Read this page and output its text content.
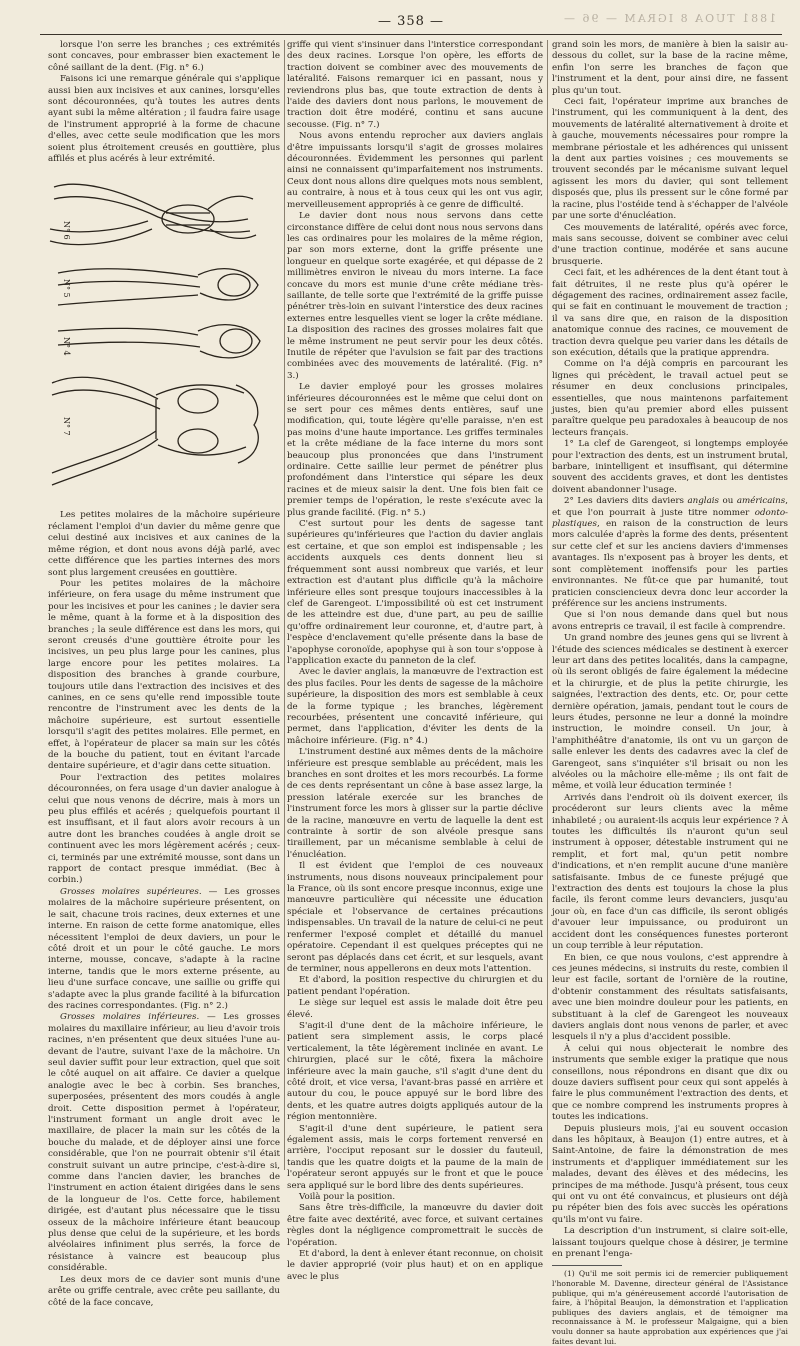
1881 TUOA 8 IGRAM — 96 —
— 358 —

lorsque l'on serre les branches ; ces extrémités sont concaves, pour embrasser bien exactement le côné saillant de la dent. (Fig. n° 6.)

Faisons ici une remarque générale qui s'applique aussi bien aux incisives et aux canines, lorsqu'elles sont découronnées, qu'à toutes les autres dents ayant subi la même altération ; il faudra faire usage de l'instrument approprié à la forme de chacune d'elles, avec cette seule modification que les mors soient plus étroitement creusés en gouttière, plus affilés et plus acérés à leur extrémité.

N° 6
N° 5
N° 4
N° 7

Les petites molaires de la mâchoire supérieure réclament l'emploi d'un davier du même genre que celui destiné aux incisives et aux canines de la même région, et dont nous avons déjà parlé, avec cette différence que les parties internes des mors sont plus largement creusées en gouttière.

Pour les petites molaires de la mâchoire inférieure, on fera usage du même instrument que pour les incisives et pour les canines ; le davier sera le même, quant à la forme et à la disposition des branches ; la seule différence est dans les mors, qui seront creusés d'une gouttière étroite pour les incisives, un peu plus large pour les canines, plus large encore pour les petites molaires. La disposition des branches à grande courbure, toujours utile dans l'extraction des incisives et des canines, en ce sens qu'elle rend impossible toute rencontre de l'instrument avec les dents de la mâchoire supérieure, est surtout essentielle lorsqu'il s'agit des petites molaires. Elle permet, en effet, à l'opérateur de placer sa main sur les côtés de la bouche du patient, tout en évitant l'arcade dentaire supérieure, et d'agir dans cette situation.

Pour l'extraction des petites molaires découronnées, on fera usage d'un davier analogue à celui que nous venons de décrire, mais à mors un peu plus effilés et acérés ; quelquefois pourtant il est insuffisant, et il faut alors avoir recours à un autre dont les branches coudées à angle droit se continuent avec les mors légèrement acérés ; ceux-ci, terminés par une extrémité mousse, sont dans un rapport de contact presque immédiat. (Bec à corbin.)

Grosses molaires supérieures. — Les grosses molaires de la mâchoire supérieure présentent, on le sait, chacune trois racines, deux externes et une interne. En raison de cette forme anatomique, elles nécessitent l'emploi de deux daviers, un pour le côté droit et un pour le côté gauche. Le mors interne, mousse, concave, s'adapte à la racine interne, tandis que le mors externe présente, au lieu d'une surface concave, une saillie ou griffe qui s'adapte avec la plus grande facilité à la bifurcation des racines correspondantes. (Fig. n° 2.)

Grosses molaires inférieures. — Les grosses molaires du maxillaire inférieur, au lieu d'avoir trois racines, n'en présentent que deux situées l'une au-devant de l'autre, suivant l'axe de la mâchoire. Un seul davier suffit pour leur extraction, quel que soit le côté auquel on ait affaire. Ce davier a quelque analogie avec le bec à corbin. Ses branches, superposées, présentent des mors coudés à angle droit. Cette disposition permet à l'opérateur, l'instrument formant un angle droit avec le maxillaire, de placer la main sur les côtés de la bouche du malade, et de déployer ainsi une force considérable, que l'on ne pourrait obtenir s'il était construit suivant un autre principe, c'est-à-dire si, comme dans l'ancien davier, les branches de l'instrument en action étaient dirigées dans le sens de la longueur de l'os. Cette force, habilement dirigée, est d'autant plus nécessaire que le tissu osseux de la mâchoire inférieure étant beaucoup plus dense que celui de la supérieure, et les bords alvéolaires infiniment plus serrés, la force de résistance à vaincre est beaucoup plus considérable.

Les deux mors de ce davier sont munis d'une arête ou griffe centrale, avec crête peu saillante, du côté de la face concave,

griffe qui vient s'insinuer dans l'interstice correspondant des deux racines. Lorsque l'on opère, les efforts de traction doivent se combiner avec des mouvements de latéralité. Faisons remarquer ici en passant, nous y reviendrons plus bas, que toute extraction de dents à l'aide des daviers dont nous parlons, le mouvement de traction doit être modéré, continu et sans aucune secousse. (Fig. n° 7.)

Nous avons entendu reprocher aux daviers anglais d'être impuissants lorsqu'il s'agit de grosses molaires découronnées. Évidemment les personnes qui parlent ainsi ne connaissent qu'imparfaitement nos instruments. Ceux dont nous allons dire quelques mots nous semblent, au contraire, à nous et à tous ceux qui les ont vus agir, merveilleusement appropriés à ce genre de difficulté.

Le davier dont nous nous servons dans cette circonstance diffère de celui dont nous nous servons dans les cas ordinaires pour les molaires de la même région, par son mors externe, dont la griffe présente une longueur en quelque sorte exagérée, et qui dépasse de 2 millimètres environ le niveau du mors interne. La face concave du mors est munie d'une crête médiane très-saillante, de telle sorte que l'extrémité de la griffe puisse pénétrer très-loin en suivant l'interstice des deux racines externes entre lesquelles vient se loger la crête médiane. La disposition des racines des grosses molaires fait que le même instrument ne peut servir pour les deux côtés. Inutile de répéter que l'avulsion se fait par des tractions combinées avec des mouvements de latéralité. (Fig. n° 3.)

Le davier employé pour les grosses molaires inférieures découronnées est le même que celui dont on se sert pour ces mêmes dents entières, sauf une modification, qui, toute légère qu'elle paraisse, n'en est pas moins d'une haute importance. Les griffes terminales et la crête médiane de la face interne du mors sont beaucoup plus prononcées que dans l'instrument ordinaire. Cette saillie leur permet de pénétrer plus profondément dans l'interstice qui sépare les deux racines et de mieux saisir la dent. Une fois bien fait ce premier temps de l'opération, le reste s'exécute avec la plus grande facilité. (Fig. n° 5.)

C'est surtout pour les dents de sagesse tant supérieures qu'inférieures que l'action du davier anglais est certaine, et que son emploi est indispensable ; les accidents auxquels ces dents donnent lieu si fréquemment sont aussi nombreux que variés, et leur extraction est d'autant plus difficile qu'à la mâchoire inférieure elles sont presque toujours inaccessibles à la clef de Garengeot. L'impossibilité où est cet instrument de les atteindre est due, d'une part, au peu de saillie qu'offre ordinairement leur couronne, et, d'autre part, à l'espèce d'enclavement qu'elle présente dans la base de l'apophyse coronoïde, apophyse qui à son tour s'oppose à l'application exacte du panneton de la clef.

Avec le davier anglais, la manœuvre de l'extraction est des plus faciles. Pour les dents de sagesse de la mâchoire supérieure, la disposition des mors est semblable à ceux de la forme typique ; les branches, légèrement recourbées, présentent une concavité inférieure, qui permet, dans l'application, d'éviter les dents de la mâchoire inférieure. (Fig. n° 4.)

L'instrument destiné aux mêmes dents de la mâchoire inférieure est presque semblable au précédent, mais les branches en sont droites et les mors recourbés. La forme de ces dents représentant un cône à base assez large, la pression latérale exercée sur les branches de l'instrument force les mors à glisser sur la partie déclive de la racine, manœuvre en vertu de laquelle la dent est contrainte à sortir de son alvéole presque sans tiraillement, par un mécanisme semblable à celui de l'énucléation.

Il est évident que l'emploi de ces nouveaux instruments, nous disons nouveaux principalement pour la France, où ils sont encore presque inconnus, exige une manœuvre particulière qui nécessite une éducation spéciale et l'observance de certaines précautions indispensables. Un travail de la nature de celui-ci ne peut renfermer l'exposé complet et détaillé du manuel opératoire. Cependant il est quelques préceptes qui ne seront pas déplacés dans cet écrit, et sur lesquels, avant de terminer, nous appellerons en deux mots l'attention.

Et d'abord, la position respective du chirurgien et du patient pendant l'opération.

Le siège sur lequel est assis le malade doit être peu élevé.

S'agit-il d'une dent de la mâchoire inférieure, le patient sera simplement assis, le corps placé verticalement, la tête légèrement inclinée en avant. Le chirurgien, placé sur le côté, fixera la mâchoire inférieure avec la main gauche, s'il s'agit d'une dent du côté droit, et vice versa, l'avant-bras passé en arrière et autour du cou, le pouce appuyé sur le bord libre des dents, et les quatre autres doigts appliqués autour de la région mentonnière.

S'agit-il d'une dent supérieure, le patient sera également assis, mais le corps fortement renversé en arrière, l'occiput reposant sur le dossier du fauteuil, tandis que les quatre doigts et la paume de la main de l'opérateur seront appuyés sur le front et que le pouce sera appliqué sur le bord libre des dents supérieures.

Voilà pour la position.

Sans être très-difficile, la manœuvre du davier doit être faite avec dextérité, avec force, et suivant certaines règles dont la négligence compromettrait le succès de l'opération.

Et d'abord, la dent à enlever étant reconnue, on choisit le davier approprié (voir plus haut) et on en applique avec le plus

grand soin les mors, de manière à bien la saisir au-dessous du collet, sur la base de la racine même, enfin l'on serre les branches de façon que l'instrument et la dent, pour ainsi dire, ne fassent plus qu'un tout.

Ceci fait, l'opérateur imprime aux branches de l'instrument, qui les communiquent à la dent, des mouvements de latéralité alternativement à droite et à gauche, mouvements nécessaires pour rompre la membrane périostale et les adhérences qui unissent la dent aux parties voisines ; ces mouvements se trouvent secondés par le mécanisme suivant lequel agissent les mors du davier, qui sont tellement disposés que, plus ils pressent sur le cône formé par la racine, plus l'ostéide tend à s'échapper de l'alvéole par une sorte d'énucléation.

Ces mouvements de latéralité, opérés avec force, mais sans secousse, doivent se combiner avec celui d'une traction continue, modérée et sans aucune brusquerie.

Ceci fait, et les adhérences de la dent étant tout à fait détruites, il ne reste plus qu'à opérer le dégagement des racines, ordinairement assez facile, qui se fait en continuant le mouvement de traction ; il va sans dire que, en raison de la disposition anatomique connue des racines, ce mouvement de traction devra quelque peu varier dans les détails de son exécution, détails que la pratique apprendra.

Comme on l'a déjà compris en parcourant les lignes qui précèdent, le travail actuel peut se résumer en deux conclusions principales, essentielles, que nous maintenons parfaitement justes, bien qu'au premier abord elles puissent paraître quelque peu paradoxales à beaucoup de nos lecteurs français.

1° La clef de Garengeot, si longtemps employée pour l'extraction des dents, est un instrument brutal, barbare, inintelligent et insuffisant, qui détermine souvent des accidents graves, et dont les dentistes doivent abandonner l'usage.

2° Les daviers dits daviers anglais ou américains, et que l'on pourrait à juste titre nommer odonto-plastiques, en raison de la construction de leurs mors calculée d'après la forme des dents, présentent sur cette clef et sur les anciens daviers d'immenses avantages. Ils n'exposent pas à broyer les dents, et sont complètement inoffensifs pour les parties environnantes. Ne fût-ce que par humanité, tout praticien consciencieux devra donc leur accorder la préférence sur les anciens instruments.

Que si l'on nous demande dans quel but nous avons entrepris ce travail, il est facile à comprendre.

Un grand nombre des jeunes gens qui se livrent à l'étude des sciences médicales se destinent à exercer leur art dans des petites localités, dans la campagne, où ils seront obligés de faire également la médecine et la chirurgie, et de plus la petite chirurgie, les saignées, l'extraction des dents, etc. Or, pour cette dernière opération, jamais, pendant tout le cours de leurs études, personne ne leur a donné la moindre instruction, le moindre conseil. Un jour, à l'amphithéâtre d'anatomie, ils ont vu un garçon de salle enlever les dents des cadavres avec la clef de Garengeot, sans s'inquiéter s'il brisait ou non les alvéoles ou la mâchoire elle-même ; ils ont fait de même, et voilà leur éducation terminée !

Arrivés dans l'endroit où ils doivent exercer, ils procéderont sur leurs clients avec la même inhabileté ; ou auraient-ils acquis leur expérience ? À toutes les difficultés ils n'auront qu'un seul instrument à opposer, détestable instrument qui ne remplit, et fort mal, qu'un petit nombre d'indications, et n'en remplit aucune d'une manière satisfaisante. Imbus de ce funeste préjugé que l'extraction des dents est toujours la chose la plus facile, ils feront comme leurs devanciers, jusqu'au jour où, en face d'un cas difficile, ils seront obligés d'avouer leur impuissance, ou produiront un accident dont les conséquences funestes porteront un coup terrible à leur réputation.

En bien, ce que nous voulons, c'est apprendre à ces jeunes médecins, si instruits du reste, combien il leur est facile, sortant de l'ornière de la routine, d'obtenir constamment des résultats satisfaisants, avec une bien moindre douleur pour les patients, en substituant à la clef de Garengeot les nouveaux daviers anglais dont nous venons de parler, et avec lesquels il n'y a plus d'accident possible.

À celui qui nous objecterait le nombre des instruments que semble exiger la pratique que nous conseillons, nous répondrons en disant que dix ou douze daviers suffisent pour ceux qui sont appelés à faire le plus communément l'extraction des dents, et que ce nombre comprend les instruments propres à toutes les indications.

Depuis plusieurs mois, j'ai eu souvent occasion dans les hôpitaux, à Beaujon (1) entre autres, et à Saint-Antoine, de faire la démonstration de mes instruments et d'appliquer immédiatement sur les malades, devant des élèves et des médecins, les principes de ma méthode. Jusqu'à présent, tous ceux qui ont vu ont été convaincus, et plusieurs ont déjà pu répéter bien des fois avec succès les opérations qu'ils m'ont vu faire.

La description d'un instrument, si claire soit-elle, laissant toujours quelque chose à désirer, je termine en prenant l'enga-

(1) Qu'il me soit permis ici de remercier publiquement l'honorable M. Davenne, directeur général de l'Assistance publique, qui m'a généreusement accordé l'autorisation de faire, à l'hôpital Beaujon, la démonstration et l'application publiques des daviers anglais, et de témoigner ma reconnaissance à M. le professeur Malgaigne, qui a bien voulu donner sa haute approbation aux expériences que j'ai faites devant lui.
